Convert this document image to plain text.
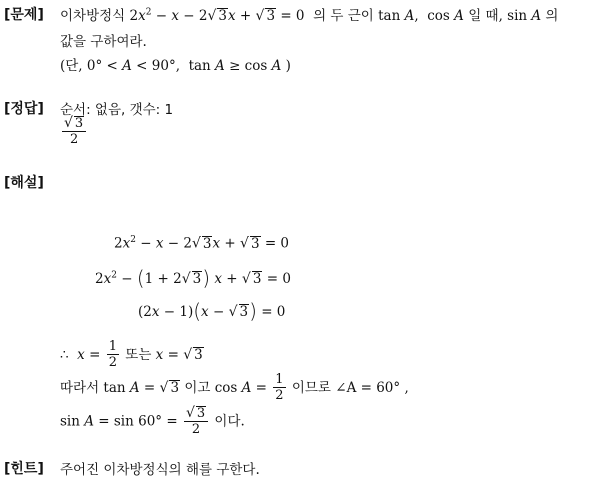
[문제] 이차방정식 $2x^2 - x - 2√$ 3x + √ 3 = 0  의 두 근이 tan A,  cos A 일 때, sin A 의
값을 구하여라.
(단, 0° < A < 90°,  tan A ≥ cos A )
[정답] 순서: 없음, 갯수: 1
$\frac{√ 3}{2}$
[해설]
$2x^2 - x - 2√$ 3x + √ 3 = 0
$2x^2 - (1 + 2√$ 3) x + √ 3 = 0
(2x − 1)(x − √ 3) = 0
∴  $x = \frac{1}{2}$ 또는 x = √ 3
따라서 tan A = √ 3 이고 $\cos A = \frac{1}{2}$ 이므로 ∠A = 60° ,
$\sin A = \sin 60^\circ = \frac{√ 3}{2}$ 이다.
[힌트] 주어진 이차방정식의 해를 구한다.
